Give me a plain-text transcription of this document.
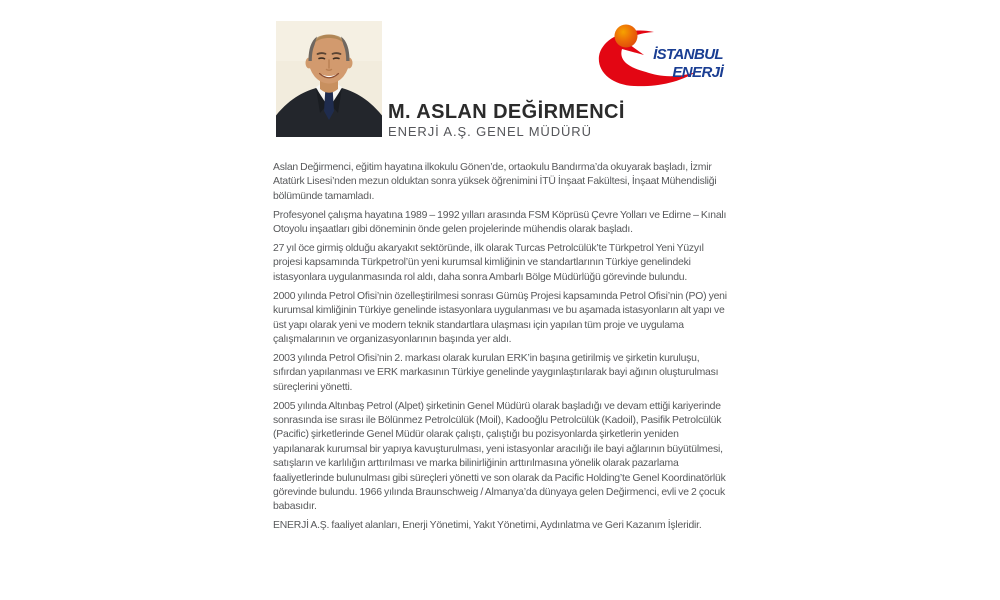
M. ASLAN DEĞİRMENCİ
ENERJİ A.Ş. GENEL MÜDÜRÜ
İSTANBUL
ENERJİ

Aslan Değirmenci, eğitim hayatına ilkokulu Gönen’de, ortaokulu Bandırma’da okuyarak başladı, İzmir Atatürk Lisesi’nden mezun olduktan sonra yüksek öğrenimini İTÜ İnşaat Fakültesi, İnşaat Mühendisliği bölümünde tamamladı.

Profesyonel çalışma hayatına 1989 – 1992 yılları arasında FSM Köprüsü Çevre Yolları ve Edirne – Kınalı Otoyolu inşaatları gibi döneminin önde gelen projelerinde mühendis olarak başladı.

27 yıl öce girmiş olduğu akaryakıt sektöründe, ilk olarak Turcas Petrolcülük’te Türkpetrol Yeni Yüzyıl projesi kapsamında Türkpetrol’ün yeni kurumsal kimliğinin ve standartlarının Türkiye genelindeki istasyonlara uygulanmasında rol aldı, daha sonra Ambarlı Bölge Müdürlüğü görevinde bulundu.

2000 yılında Petrol Ofisi’nin özelleştirilmesi sonrası Gümüş Projesi kapsamında Petrol Ofisi’nin (PO) yeni kurumsal kimliğinin Türkiye genelinde istasyonlara uygulanması ve bu aşamada istasyonların alt yapı ve üst yapı olarak yeni ve modern teknik standartlara ulaşması için yapılan tüm proje ve uygulama çalışmalarının ve organizasyonlarının başında yer aldı.

2003 yılında Petrol Ofisi’nin 2. markası olarak kurulan ERK’in başına getirilmiş ve şirketin kuruluşu, sıfırdan yapılanması ve ERK markasının Türkiye genelinde yaygınlaştırılarak bayi ağının oluşturulması süreçlerini yönetti.

2005 yılında Altınbaş Petrol (Alpet) şirketinin Genel Müdürü olarak başladığı ve devam ettiği kariyerinde sonrasında ise sırası ile Bölünmez Petrolcülük (Moil), Kadooğlu Petrolcülük (Kadoil), Pasifik Petrolcülük (Pacific) şirketlerinde Genel Müdür olarak çalıştı, çalıştığı bu pozisyonlarda şirketlerin yeniden yapılanarak kurumsal bir yapıya kavuşturulması, yeni istasyonlar aracılığı ile bayi ağlarının büyütülmesi, satışların ve karlılığın arttırılması ve marka bilinirliğinin arttırılmasına yönelik olarak pazarlama faaliyetlerinde bulunulması gibi süreçleri yönetti ve son olarak da Pacific Holding’te Genel Koordinatörlük görevinde bulundu. 1966 yılında Braunschweig / Almanya’da dünyaya gelen Değirmenci, evli ve 2 çocuk babasıdır.

ENERJİ A.Ş. faaliyet alanları, Enerji Yönetimi, Yakıt Yönetimi, Aydınlatma ve Geri Kazanım İşleridir.
